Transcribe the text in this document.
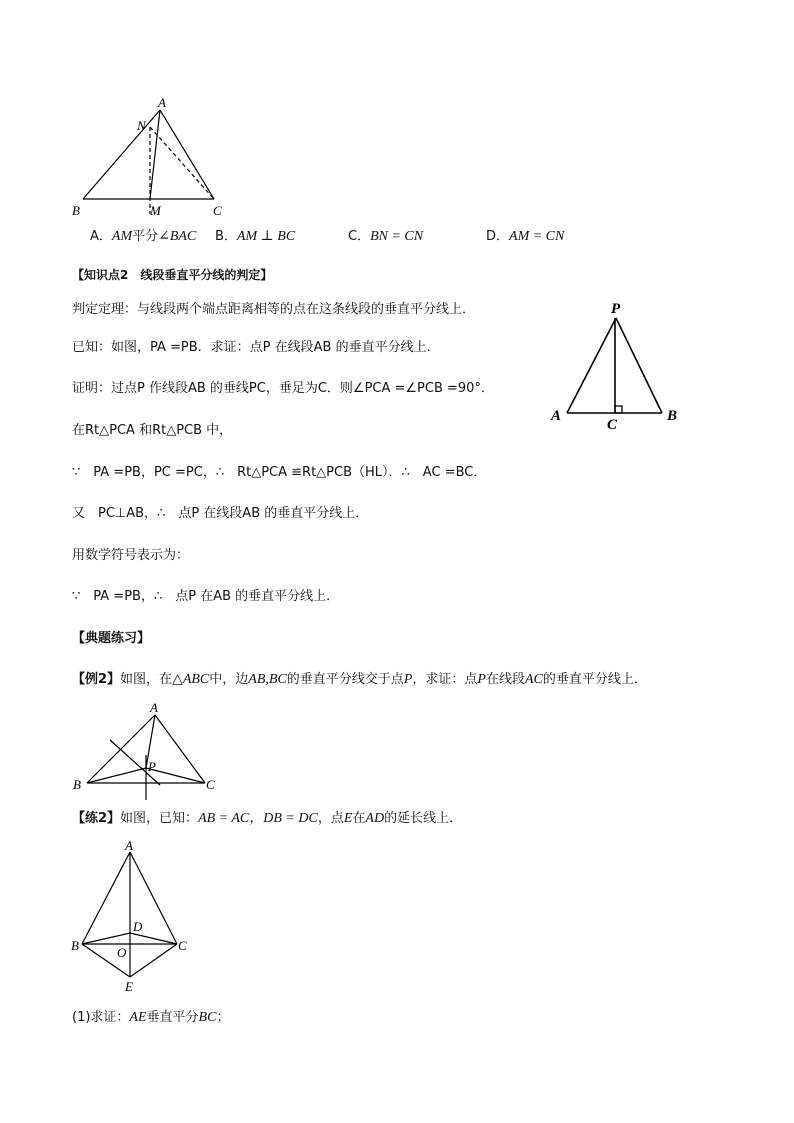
A
N
B	M	C
A．AM平分∠BAC B．AM ⊥ BC	C．BN = CN	D．AM = CN
【知识点2　线段垂直平分线的判定】
判定定理：与线段两个端点距离相等的点在这条线段的垂直平分线上．
已知：如图，PA =PB．求证：点P 在线段AB 的垂直平分线上．
证明：过点P 作线段AB 的垂线PC，垂足为C．则∠PCA =∠PCB =90°．
在Rt△PCA 和Rt△PCB 中，
∵　PA =PB，PC =PC，∴　Rt△PCA ≌Rt△PCB（HL）．∴　AC =BC．
又　PC⊥AB，∴　点P 在线段AB 的垂直平分线上．
用数学符号表示为：
∵　PA =PB，∴　点P 在AB 的垂直平分线上．
P
A
C
B
【典题练习】
【例2】如图，在△ABC中，边AB,BC的垂直平分线交于点P，求证：点P在线段AC的垂直平分线上．
A
P
B	C
【练2】如图，已知：AB = AC，DB = DC，点E在AD的延长线上．
A
D
B	C
O
E
(1)求证：AE垂直平分BC；
